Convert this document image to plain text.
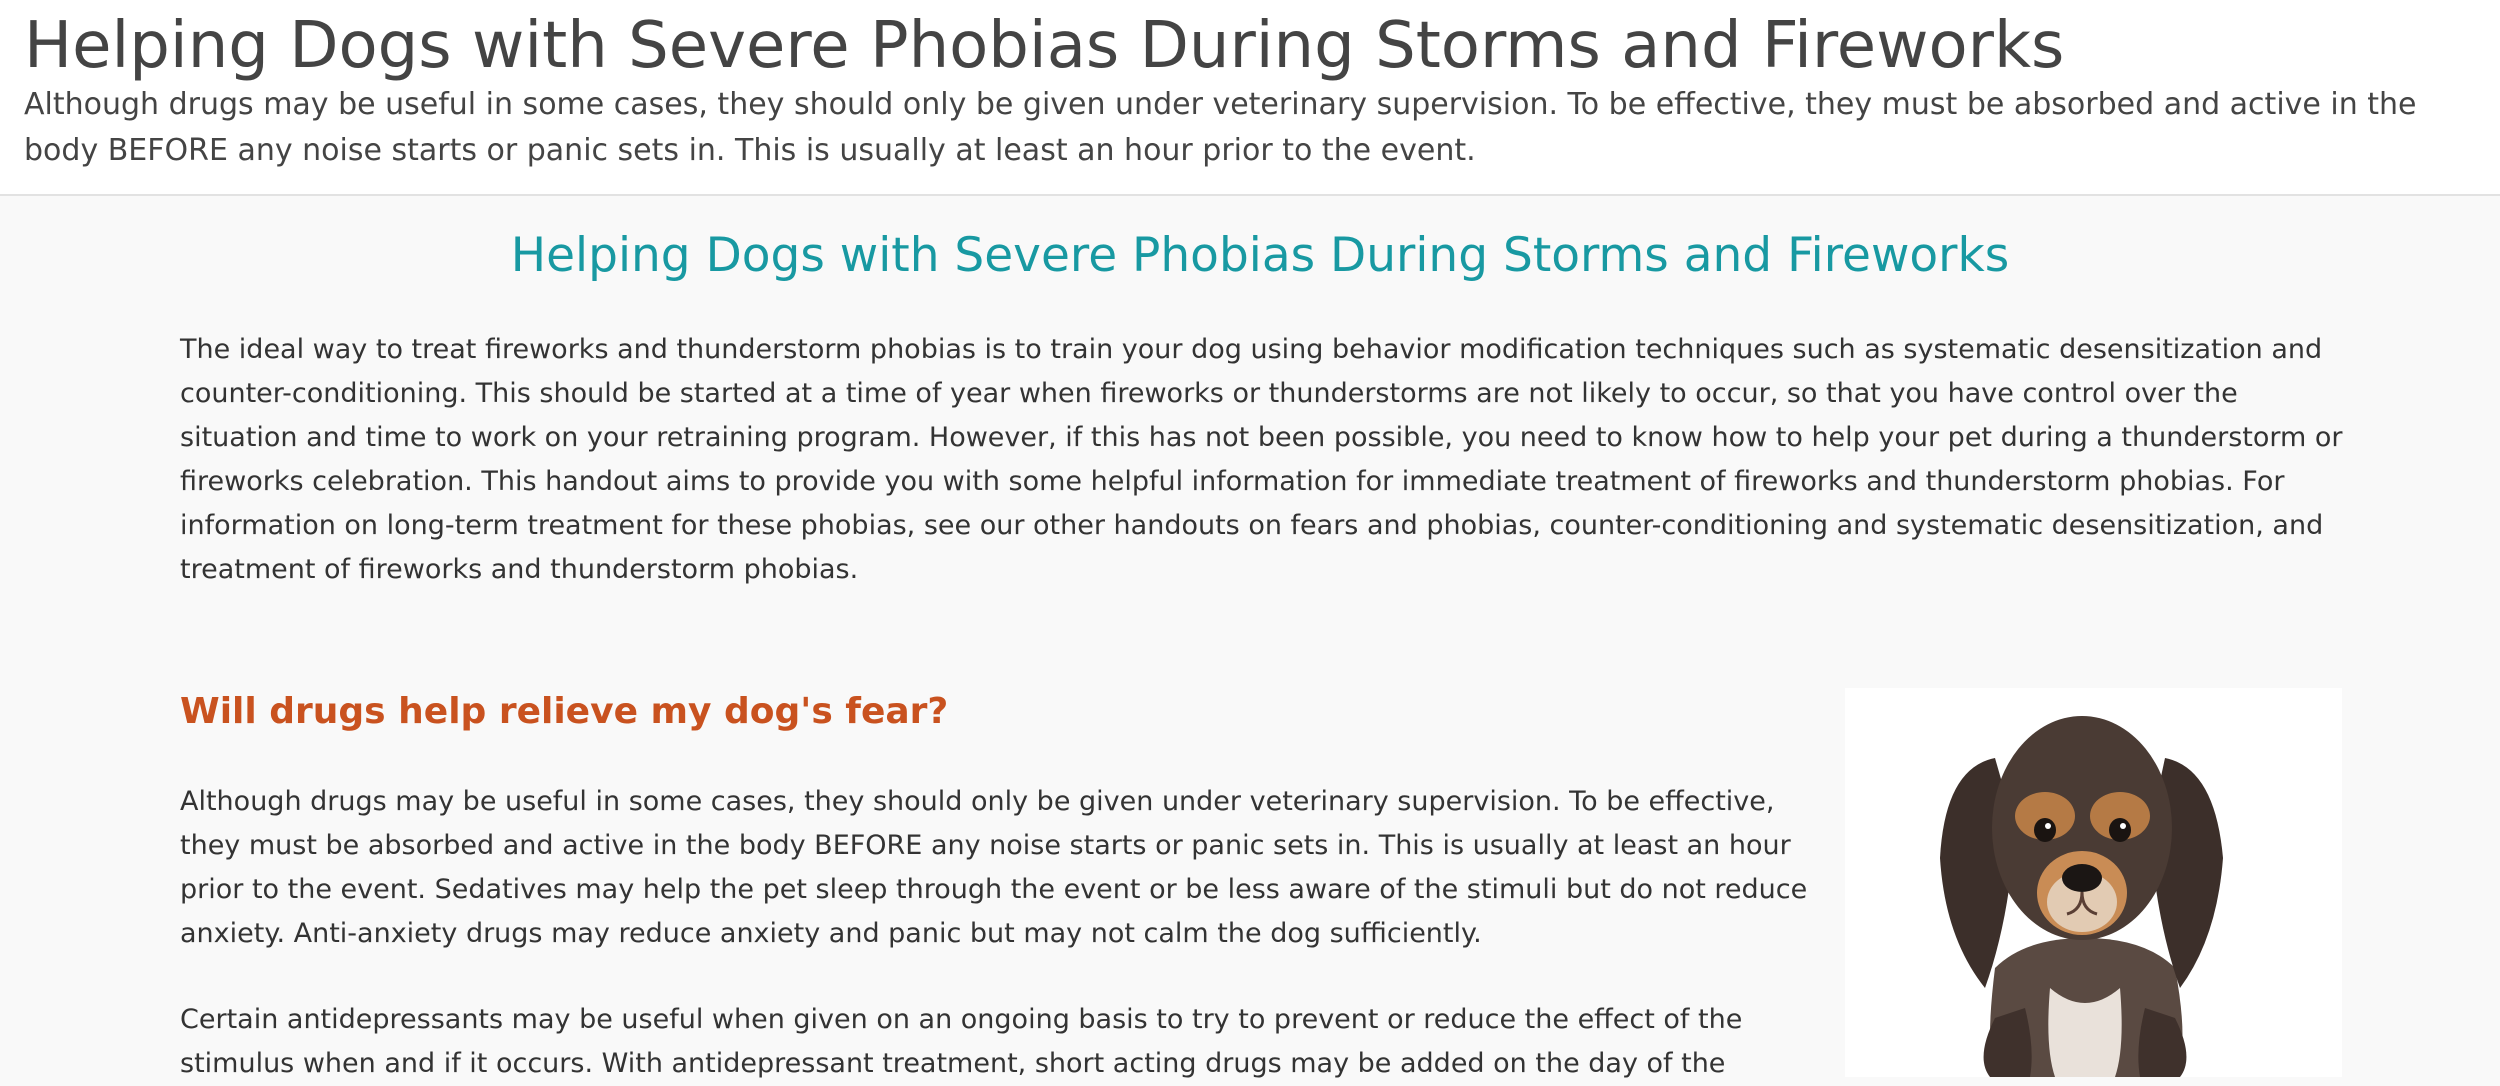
Helping Dogs with Severe Phobias During Storms and Fireworks

Although drugs may be useful in some cases, they should only be given under veterinary supervision. To be effective, they must be absorbed and active in the body BEFORE any noise starts or panic sets in. This is usually at least an hour prior to the event.

Helping Dogs with Severe Phobias During Storms and Fireworks

The ideal way to treat fireworks and thunderstorm phobias is to train your dog using behavior modification techniques such as systematic desensitization and counter-conditioning. This should be started at a time of year when fireworks or thunderstorms are not likely to occur, so that you have control over the situation and time to work on your retraining program. However, if this has not been possible, you need to know how to help your pet during a thunderstorm or fireworks celebration. This handout aims to provide you with some helpful information for immediate treatment of fireworks and thunderstorm phobias. For information on long-term treatment for these phobias, see our other handouts on fears and phobias, counter-conditioning and systematic desensitization, and treatment of fireworks and thunderstorm phobias.

Will drugs help relieve my dog's fear?

Although drugs may be useful in some cases, they should only be given under veterinary supervision. To be effective, they must be absorbed and active in the body BEFORE any noise starts or panic sets in. This is usually at least an hour prior to the event. Sedatives may help the pet sleep through the event or be less aware of the stimuli but do not reduce anxiety. Anti-anxiety drugs may reduce anxiety and panic but may not calm the dog sufficiently.

Certain antidepressants may be useful when given on an ongoing basis to try to prevent or reduce the effect of the stimulus when and if it occurs. With antidepressant treatment, short acting drugs may be added on the day of the
